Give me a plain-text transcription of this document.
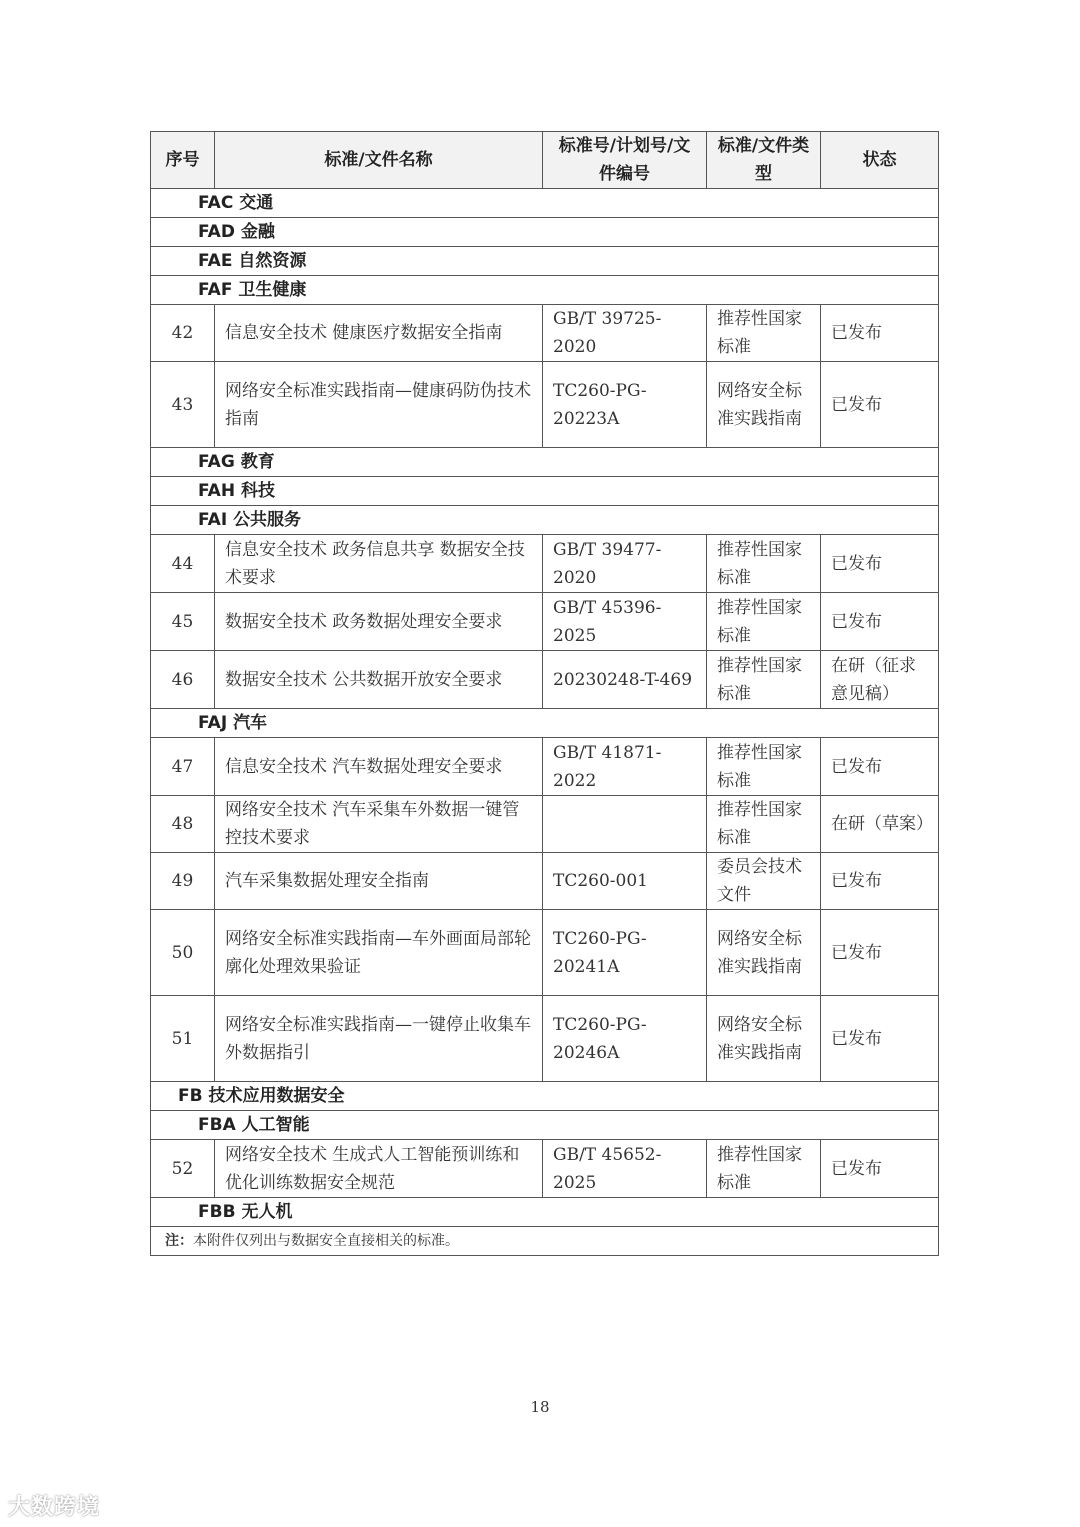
序号	标准/文件名称	标准号/计划号/文件编号	标准/文件类型	状态
FAC 交通				
FAD 金融				
FAE 自然资源				
FAF 卫生健康				
42	信息安全技术 健康医疗数据安全指南	GB/T 39725-2020	推荐性国家标准	已发布
43	网络安全标准实践指南—健康码防伪技术指南	TC260-PG-20223A	网络安全标准实践指南	已发布
FAG 教育				
FAH 科技				
FAI 公共服务				
44	信息安全技术 政务信息共享 数据安全技术要求	GB/T 39477-2020	推荐性国家标准	已发布
45	数据安全技术 政务数据处理安全要求	GB/T 45396-2025	推荐性国家标准	已发布
46	数据安全技术 公共数据开放安全要求	20230248-T-469	推荐性国家标准	在研（征求意见稿）
FAJ 汽车				
47	信息安全技术 汽车数据处理安全要求	GB/T 41871-2022	推荐性国家标准	已发布
48	网络安全技术 汽车采集车外数据一键管控技术要求		推荐性国家标准	在研（草案）
49	汽车采集数据处理安全指南	TC260-001	委员会技术文件	已发布
50	网络安全标准实践指南—车外画面局部轮廓化处理效果验证	TC260-PG-20241A	网络安全标准实践指南	已发布
51	网络安全标准实践指南—一键停止收集车外数据指引	TC260-PG-20246A	网络安全标准实践指南	已发布
FB 技术应用数据安全				
FBA 人工智能				
52	网络安全技术 生成式人工智能预训练和优化训练数据安全规范	GB/T 45652-2025	推荐性国家标准	已发布
FBB 无人机				
注：本附件仅列出与数据安全直接相关的标准。				
18
大数跨境
